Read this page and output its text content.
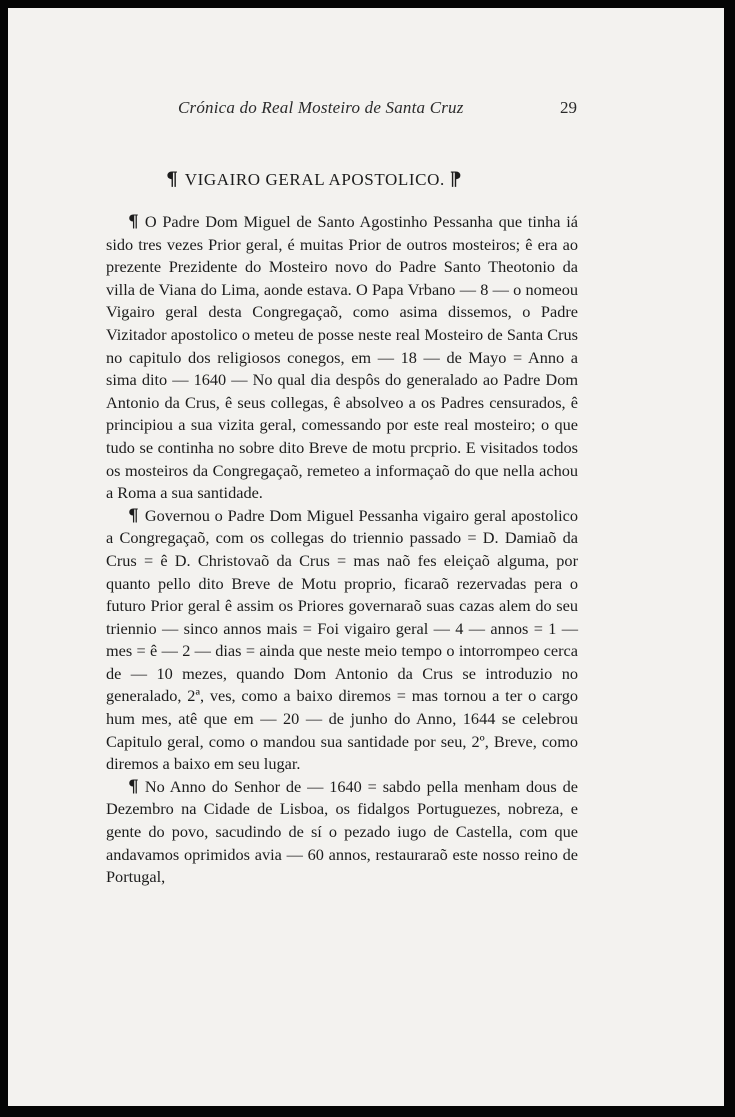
Crónica do Real Mosteiro de Santa Cruz	29
¶ VIGAIRO GERAL APOSTOLICO. ¶

¶ O Padre Dom Miguel de Santo Agostinho Pessanha que tinha iá sido tres vezes Prior geral, é muitas Prior de outros mosteiros; ê era ao prezente Prezidente do Mosteiro novo do Padre Santo Theotonio da villa de Viana do Lima, aonde estava. O Papa Vrbano — 8 — o nomeou Vigairo geral desta Congregaçaõ, como asima dissemos, o Padre Vizitador apostolico o meteu de posse neste real Mosteiro de Santa Crus no capitulo dos religiosos conegos, em — 18 — de Mayo = Anno a sima dito — 1640 — No qual dia despôs do generalado ao Padre Dom Antonio da Crus, ê seus collegas, ê absolveo a os Padres censurados, ê principiou a sua vizita geral, comessando por este real mosteiro; o que tudo se continha no sobre dito Breve de motu prcprio. E visitados todos os mosteiros da Congregaçaõ, remeteo a informaçaõ do que nella achou a Roma a sua santidade.

¶ Governou o Padre Dom Miguel Pessanha vigairo geral apostolico a Congregaçaõ, com os collegas do triennio passado = D. Damiaõ da Crus = ê D. Christovaõ da Crus = mas naõ fes eleiçaõ alguma, por quanto pello dito Breve de Motu proprio, ficaraõ rezervadas pera o futuro Prior geral ê assim os Priores governaraõ suas cazas alem do seu triennio — sinco annos mais = Foi vigairo geral — 4 — annos = 1 — mes = ê — 2 — dias = ainda que neste meio tempo o intorrompeo cerca de — 10 mezes, quando Dom Antonio da Crus se introduzio no generalado, 2ª, ves, como a baixo diremos = mas tornou a ter o cargo hum mes, atê que em — 20 — de junho do Anno, 1644 se celebrou Capitulo geral, como o mandou sua santidade por seu, 2º, Breve, como diremos a baixo em seu lugar.

¶ No Anno do Senhor de — 1640 = sabdo pella menham dous de Dezembro na Cidade de Lisboa, os fidalgos Portuguezes, nobreza, e gente do povo, sacudindo de sí o pezado iugo de Castella, com que andavamos oprimidos avia — 60 annos, restauraraõ este nosso reino de Portugal,
